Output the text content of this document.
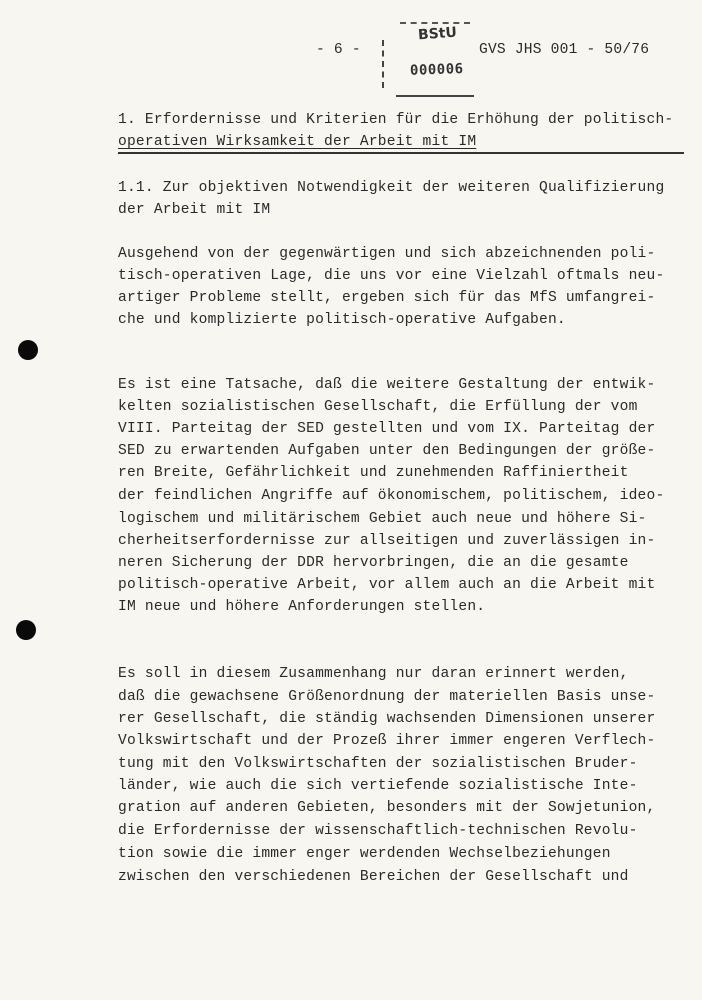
- 6 -
BStU
000006
GVS JHS 001 - 50/76
1. Erfordernisse und Kriterien für die Erhöhung der politisch-
operativen Wirksamkeit der Arbeit mit IM
1.1. Zur objektiven Notwendigkeit der weiteren Qualifizierung
der Arbeit mit IM
Ausgehend von der gegenwärtigen und sich abzeichnenden poli-
tisch-operativen Lage, die uns vor eine Vielzahl oftmals neu-
artiger Probleme stellt, ergeben sich für das MfS umfangrei-
che und komplizierte politisch-operative Aufgaben.
Es ist eine Tatsache, daß die weitere Gestaltung der entwik-
kelten sozialistischen Gesellschaft, die Erfüllung der vom
VIII. Parteitag der SED gestellten und vom IX. Parteitag der
SED zu erwartenden Aufgaben unter den Bedingungen der größe-
ren Breite, Gefährlichkeit und zunehmenden Raffiniertheit
der feindlichen Angriffe auf ökonomischem, politischem, ideo-
logischem und militärischem Gebiet auch neue und höhere Si-
cherheitserfordernisse zur allseitigen und zuverlässigen in-
neren Sicherung der DDR hervorbringen, die an die gesamte
politisch-operative Arbeit, vor allem auch an die Arbeit mit
IM neue und höhere Anforderungen stellen.
Es soll in diesem Zusammenhang nur daran erinnert werden,
daß die gewachsene Größenordnung der materiellen Basis unse-
rer Gesellschaft, die ständig wachsenden Dimensionen unserer
Volkswirtschaft und der Prozeß ihrer immer engeren Verflech-
tung mit den Volkswirtschaften der sozialistischen Bruder-
länder, wie auch die sich vertiefende sozialistische Inte-
gration auf anderen Gebieten, besonders mit der Sowjetunion,
die Erfordernisse der wissenschaftlich-technischen Revolu-
tion sowie die immer enger werdenden Wechselbeziehungen
zwischen den verschiedenen Bereichen der Gesellschaft und
